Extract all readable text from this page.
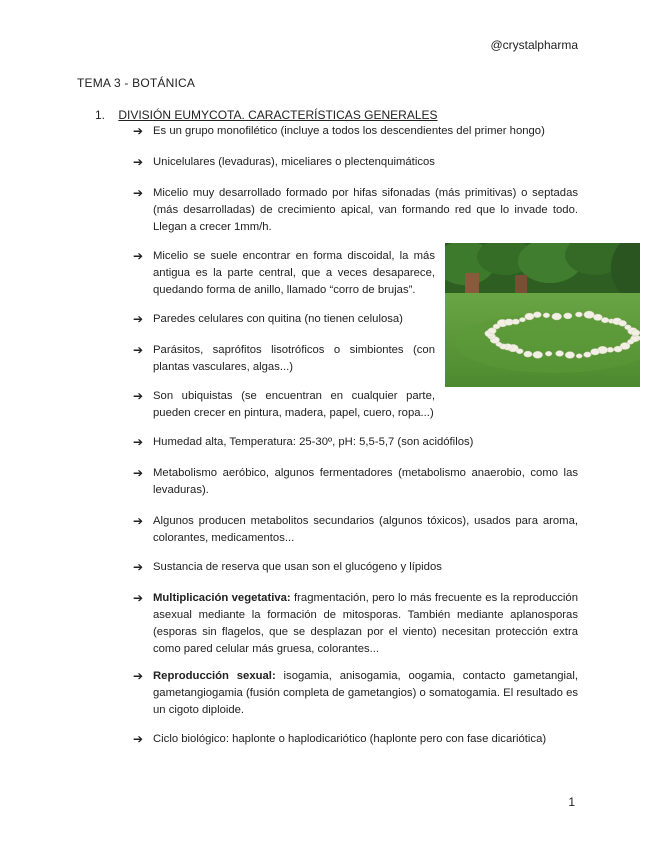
@crystalpharma
TEMA 3 - BOTÁNICA
1. DIVISIÓN EUMYCOTA. CARACTERÍSTICAS GENERALES
➔ Es un grupo monofilético (incluye a todos los descendientes del primer hongo)
➔ Unicelulares (levaduras), miceliares o plectenquimáticos
➔ Micelio muy desarrollado formado por hifas sifonadas (más primitivas) o septadas (más desarrolladas) de crecimiento apical, van formando red que lo invade todo. Llegan a crecer 1mm/h.
➔ Micelio se suele encontrar en forma discoidal, la más antigua es la parte central, que a veces desaparece, quedando forma de anillo, llamado “corro de brujas”.
➔ Paredes celulares con quitina (no tienen celulosa)
➔ Parásitos, saprófitos lisotróficos o simbiontes (con plantas vasculares, algas...)
➔ Son ubiquistas (se encuentran en cualquier parte, pueden crecer en pintura, madera, papel, cuero, ropa...)
➔ Humedad alta, Temperatura: 25-30º, pH: 5,5-5,7 (son acidófilos)
➔ Metabolismo aeróbico, algunos fermentadores (metabolismo anaerobio, como las levaduras).
➔ Algunos producen metabolitos secundarios (algunos tóxicos), usados para aroma, colorantes, medicamentos...
➔ Sustancia de reserva que usan son el glucógeno y lípidos
➔ Multiplicación vegetativa: fragmentación, pero lo más frecuente es la reproducción asexual mediante la formación de mitosporas. También mediante aplanosporas (esporas sin flagelos, que se desplazan por el viento) necesitan protección extra como pared celular más gruesa, colorantes...
➔ Reproducción sexual: isogamia, anisogamia, oogamia, contacto gametangial, gametangiogamia (fusión completa de gametangios) o somatogamia. El resultado es un cigoto diploide.
➔ Ciclo biológico: haplonte o haplodicariótico (haplonte pero con fase dicariótica)
1
